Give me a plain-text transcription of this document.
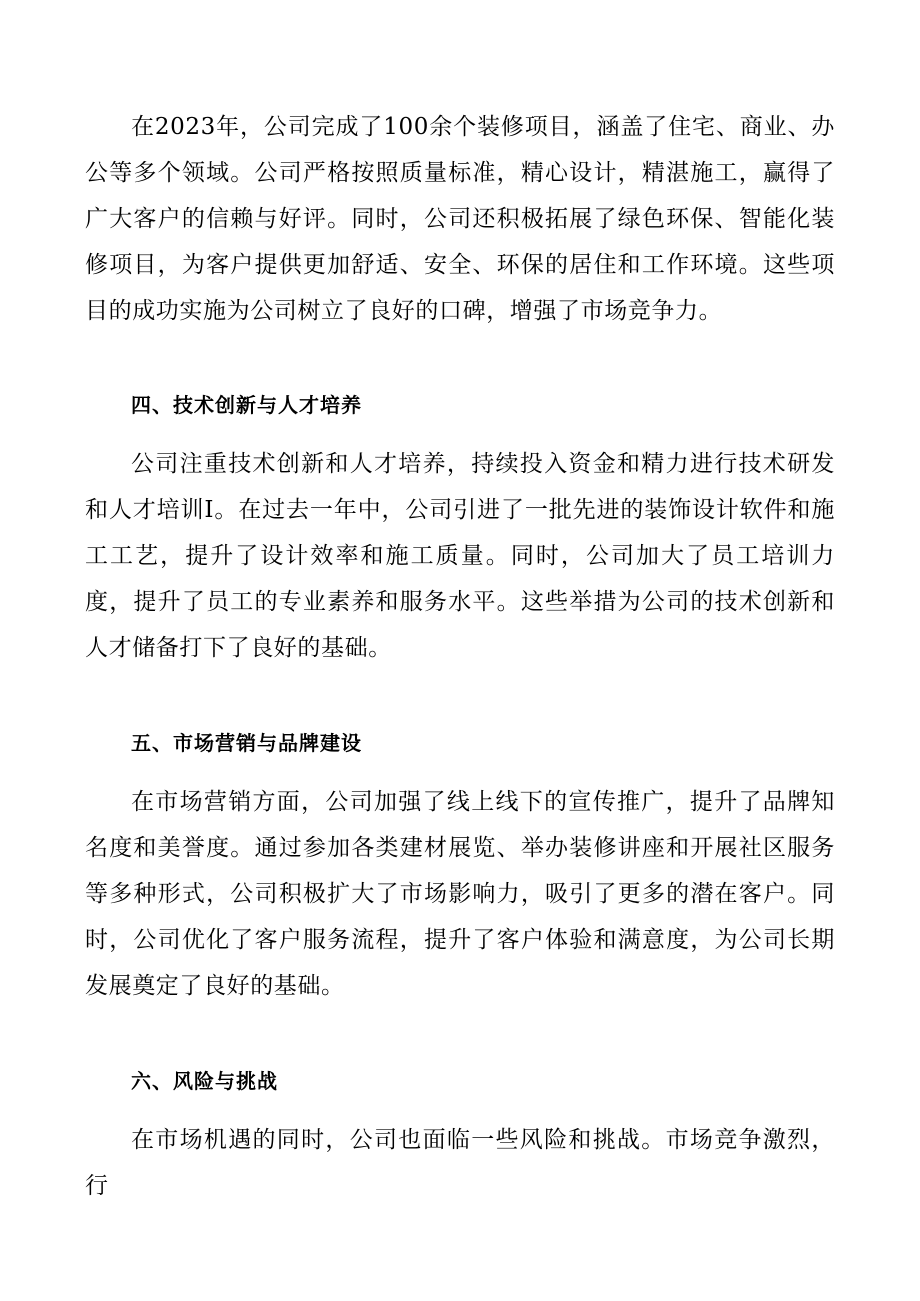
在2023年，公司完成了100余个装修项目，涵盖了住宅、商业、办公等多个领域。公司严格按照质量标准，精心设计，精湛施工，赢得了广大客户的信赖与好评。同时，公司还积极拓展了绿色环保、智能化装修项目，为客户提供更加舒适、安全、环保的居住和工作环境。这些项目的成功实施为公司树立了良好的口碑，增强了市场竞争力。

四、技术创新与人才培养

公司注重技术创新和人才培养，持续投入资金和精力进行技术研发和人才培训I。在过去一年中，公司引进了一批先进的装饰设计软件和施工工艺，提升了设计效率和施工质量。同时，公司加大了员工培训力度，提升了员工的专业素养和服务水平。这些举措为公司的技术创新和人才储备打下了良好的基础。

五、市场营销与品牌建设

在市场营销方面，公司加强了线上线下的宣传推广，提升了品牌知名度和美誉度。通过参加各类建材展览、举办装修讲座和开展社区服务等多种形式，公司积极扩大了市场影响力，吸引了更多的潜在客户。同时，公司优化了客户服务流程，提升了客户体验和满意度，为公司长期发展奠定了良好的基础。

六、风险与挑战

在市场机遇的同时，公司也面临一些风险和挑战。市场竞争激烈，行
